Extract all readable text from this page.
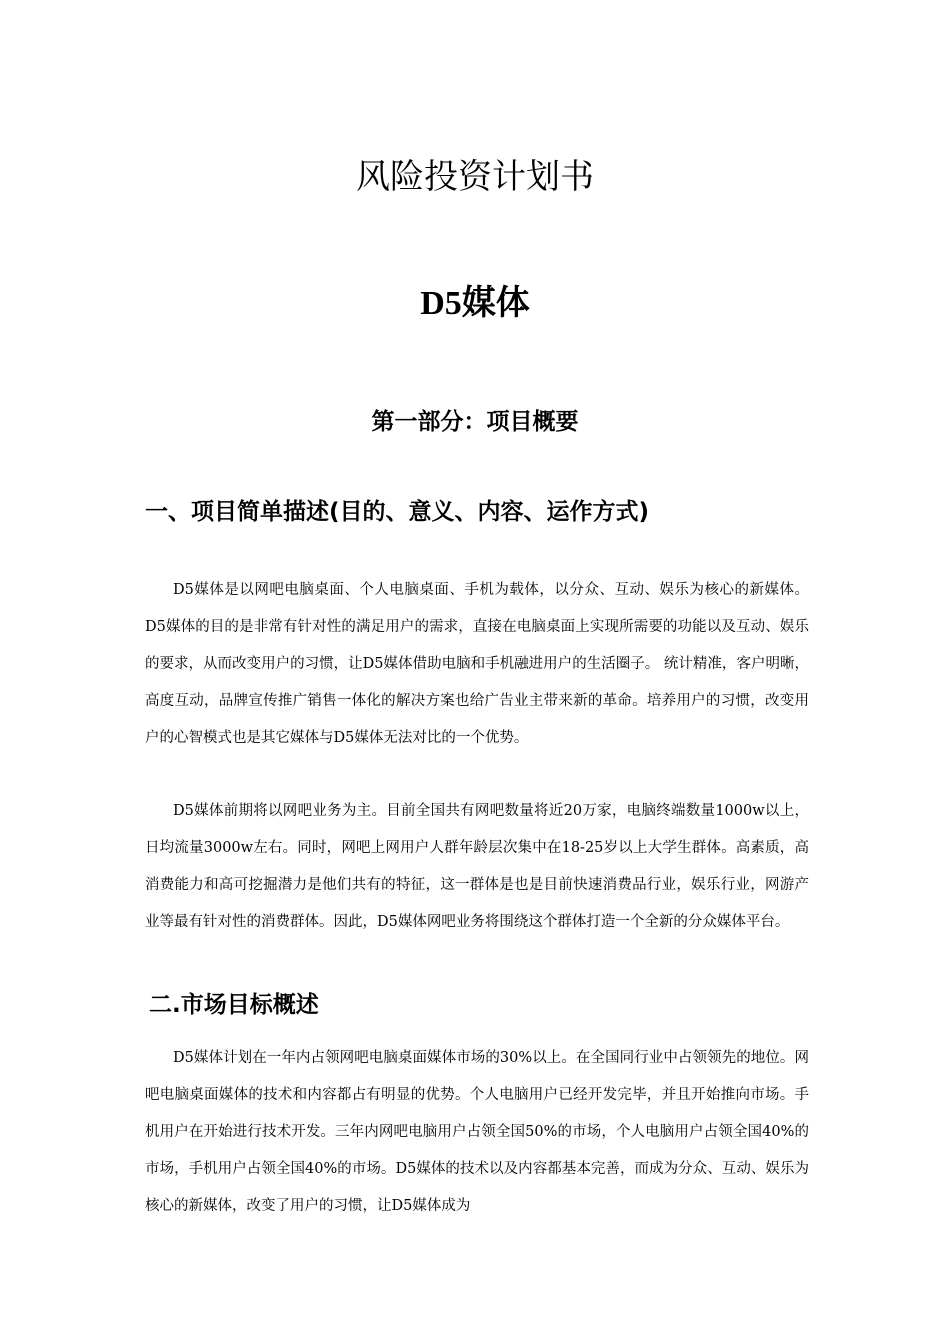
风险投资计划书
D5媒体
第一部分：项目概要
一、项目简单描述(目的、意义、内容、运作方式)

D5媒体是以网吧电脑桌面、个人电脑桌面、手机为载体，以分众、互动、娱乐为核心的新媒体。 D5媒体的目的是非常有针对性的满足用户的需求，直接在电脑桌面上实现所需要的功能以及互动、娱乐的要求，从而改变用户的习惯，让D5媒体借助电脑和手机融进用户的生活圈子。 统计精准，客户明晰，高度互动，品牌宣传推广销售一体化的解决方案也给广告业主带来新的革命。培养用户的习惯，改变用户的心智模式也是其它媒体与D5媒体无法对比的一个优势。

D5媒体前期将以网吧业务为主。目前全国共有网吧数量将近20万家，电脑终端数量1000w以上，日均流量3000w左右。同时，网吧上网用户人群年龄层次集中在18-25岁以上大学生群体。高素质，高消费能力和高可挖掘潜力是他们共有的特征，这一群体是也是目前快速消费品行业，娱乐行业，网游产业等最有针对性的消费群体。因此，D5媒体网吧业务将围绕这个群体打造一个全新的分众媒体平台。

二.市场目标概述

D5媒体计划在一年内占领网吧电脑桌面媒体市场的30%以上。在全国同行业中占领领先的地位。网吧电脑桌面媒体的技术和内容都占有明显的优势。个人电脑用户已经开发完毕，并且开始推向市场。手机用户在开始进行技术开发。三年内网吧电脑用户占领全国50%的市场，个人电脑用户占领全国40%的市场，手机用户占领全国40%的市场。D5媒体的技术以及内容都基本完善，而成为分众、互动、娱乐为核心的新媒体，改变了用户的习惯，让D5媒体成为
